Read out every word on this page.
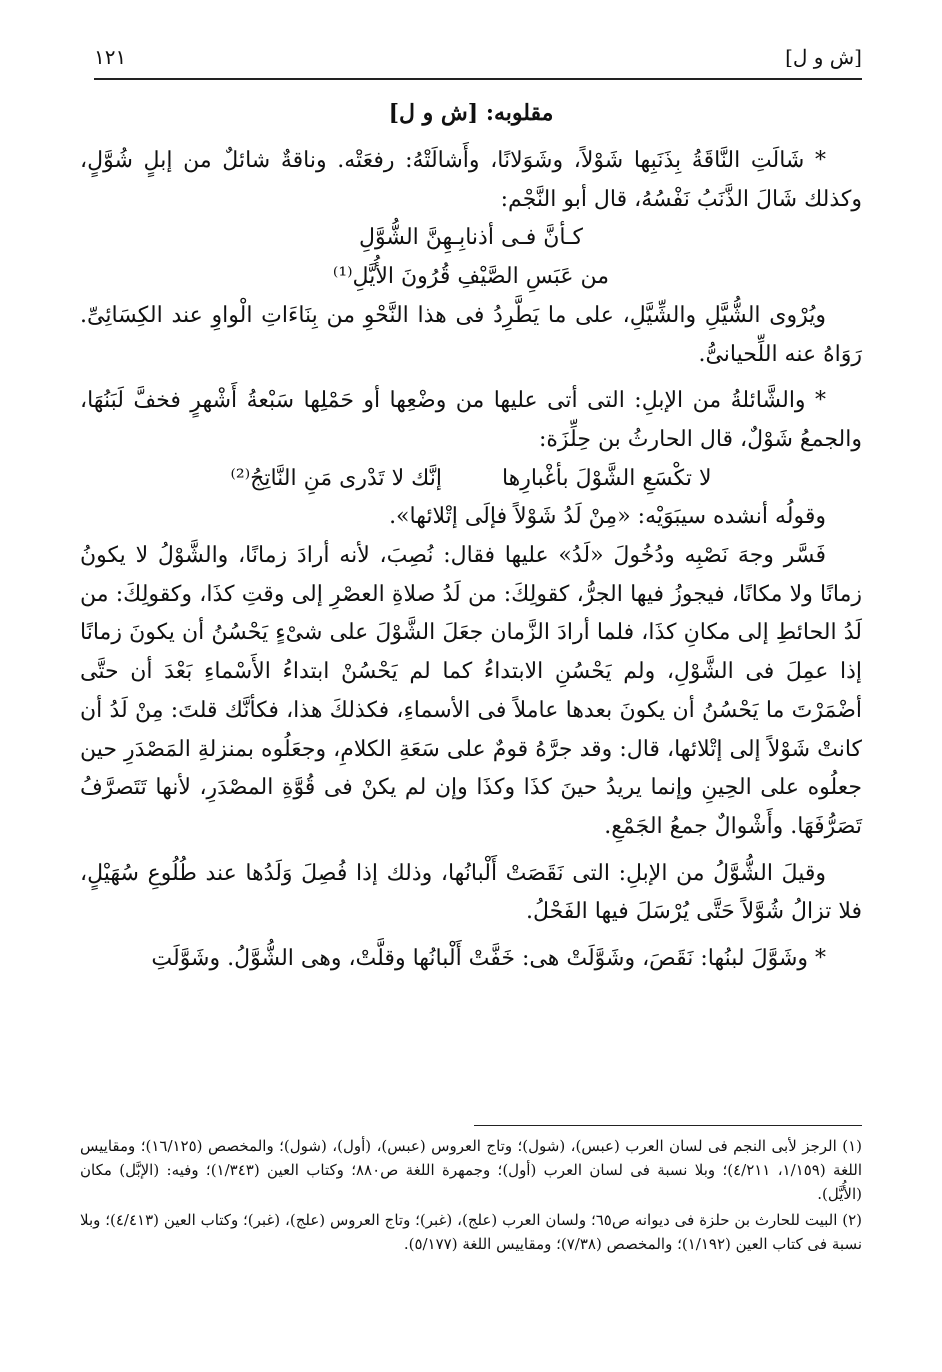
[ش و ل]
١٢١
مقلوبه: [ش و ل]

* شَالَتِ النَّاقَةُ بِذَنَبِها شَوْلاً، وشَوَلانًا، وأَشالَتْهُ: رفعَتْه. وناقةٌ شائلٌ من إبلٍ شُوَّلٍ، وكذلك شَالَ الذَّنَبُ نَفْسُهُ، قال أبو النَّجْم:

كـأنَّ فـى أذنابِـهِنَّ الشُّوَّلِ
من عَبَسِ الصَّيْفِ قُرُونَ الأُيَّلِ⁽¹⁾

ويُرْوى الشُّيَّلِ والشِّيَّلِ، على ما يَطَّرِدُ فى هذا النَّحْوِ من بِنَاءَاتِ الْواوِ عند الكِسَائِىِّ. رَوَاهُ عنه اللِّحيانىُّ.

* والشَّائلةُ من الإبلِ: التى أتى عليها من وضْعِها أو حَمْلِها سَبْعةُ أَشْهرٍ فخفَّ لَبَنُهَا، والجمعُ شَوْلٌ، قال الحارثُ بن حِلِّزَة:

لا تكْسَعِ الشَّوْلَ بأغْبارِها
إنَّك لا تَدْرى مَنِ النَّاتِجُ⁽²⁾

وقولُه أنشده سيبَوَيْه: «مِنْ لَدُ شَوْلاً فإلَى إتْلائها».

فَسَّر وجهَ نَصْبِه ودُخُولَ «لَدُ» عليها فقال: نُصِبَ، لأنه أرادَ زمانًا، والشَّوْلُ لا يكونُ زمانًا ولا مكانًا، فيجوزُ فيها الجرُّ، كقولِكَ: من لَدُ صلاةِ العصْرِ إلى وقتِ كذَا، وكقولِكَ: من لَدُ الحائطِ إلى مكانِ كذَا، فلما أرادَ الزَّمان جعَلَ الشَّوْلَ على شىْءٍ يَحْسُنُ أن يكونَ زمانًا إذا عمِلَ فى الشَّوْلِ، ولم يَحْسُنِ الابتداءُ كما لم يَحْسُنْ ابتداءُ الأَسْماءِ بَعْدَ أن حتَّى أضْمَرْتَ ما يَحْسُنُ أن يكونَ بعدها عاملاً فى الأسماءِ، فكذلكَ هذا، فكأنَّك قلتَ: مِنْ لَدُ أن كانتْ شَوْلاً إلى إتْلائها، قال: وقد جرَّهُ قومٌ على سَعَةِ الكلامِ، وجعَلُوه بمنزلةِ المَصْدَرِ حين جعلُوه على الحِينِ وإنما يريدُ حينَ كذَا وكذَا وإن لم يكنْ فى قُوَّةِ المصْدَرِ، لأنها تَتَصرَّفُ تَصَرُّفَهَا. وأَشْوالٌ جمعُ الجَمْعِ.

وقيلَ الشُّوَّلُ من الإبلِ: التى نَقَصَتْ أَلْبانُها، وذلك إذا فُصِلَ وَلَدُها عند طُلُوعِ سُهَيْلٍ، فلا تزالُ شُوَّلاً حَتَّى يُرْسَلَ فيها الفَحْلُ.

* وشَوَّلَ لبنُها: نَقَصَ، وشَوَّلَتْ هى: خَفَّتْ أَلْبانُها وقلَّتْ، وهى الشُّوَّلُ. وشَوَّلَتِ

(١) الرجز لأبى النجم فى لسان العرب (عبس)، (شول)؛ وتاج العروس (عبس)، (أول)، (شول)؛ والمخصص (١٦/١٢٥)؛ ومقاييس اللغة (١/١٥٩، ٤/٢١١)؛ وبلا نسبة فى لسان العرب (أول)؛ وجمهرة اللغة ص٨٨٠؛ وكتاب العين (١/٣٤٣)؛ وفيه: (الإبَّل) مكان (الأُيَّل).

(٢) البيت للحارث بن حلزة فى ديوانه ص٦٥؛ ولسان العرب (علج)، (غبر)؛ وتاج العروس (علج)، (غبر)؛ وكتاب العين (٤/٤١٣)؛ وبلا نسبة فى كتاب العين (١/١٩٢)؛ والمخصص (٧/٣٨)؛ ومقاييس اللغة (٥/١٧٧).
